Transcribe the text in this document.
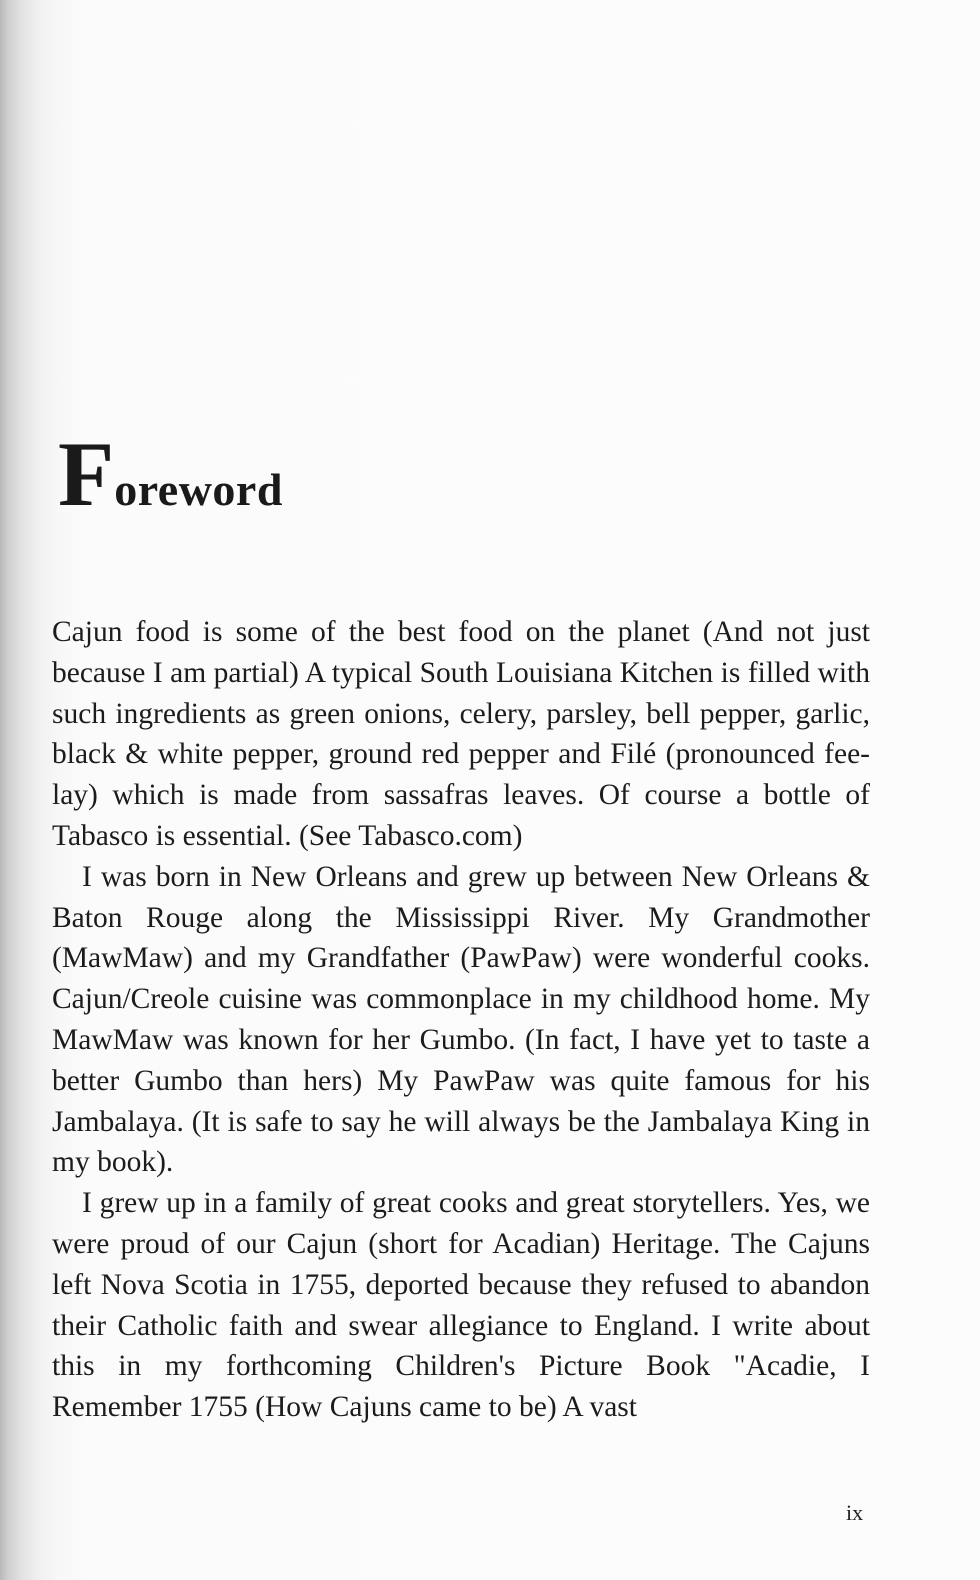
Foreword

Cajun food is some of the best food on the planet (And not just because I am partial) A typical South Louisiana Kitchen is filled with such ingredients as green onions, celery, parsley, bell pepper, garlic, black & white pepper, ground red pepper and Filé (pronounced fee-lay) which is made from sassafras leaves. Of course a bottle of Tabasco is essential. (See Tabasco.com)

I was born in New Orleans and grew up between New Orleans & Baton Rouge along the Mississippi River. My Grandmother (MawMaw) and my Grandfather (PawPaw) were wonderful cooks. Cajun/Creole cuisine was commonplace in my childhood home. My MawMaw was known for her Gumbo. (In fact, I have yet to taste a better Gumbo than hers) My PawPaw was quite famous for his Jambalaya. (It is safe to say he will always be the Jambalaya King in my book).

I grew up in a family of great cooks and great storytellers. Yes, we were proud of our Cajun (short for Acadian) Heritage. The Cajuns left Nova Scotia in 1755, deported because they refused to abandon their Catholic faith and swear allegiance to England. I write about this in my forthcoming Children's Picture Book "Acadie, I Remember 1755 (How Cajuns came to be) A vast

ix
